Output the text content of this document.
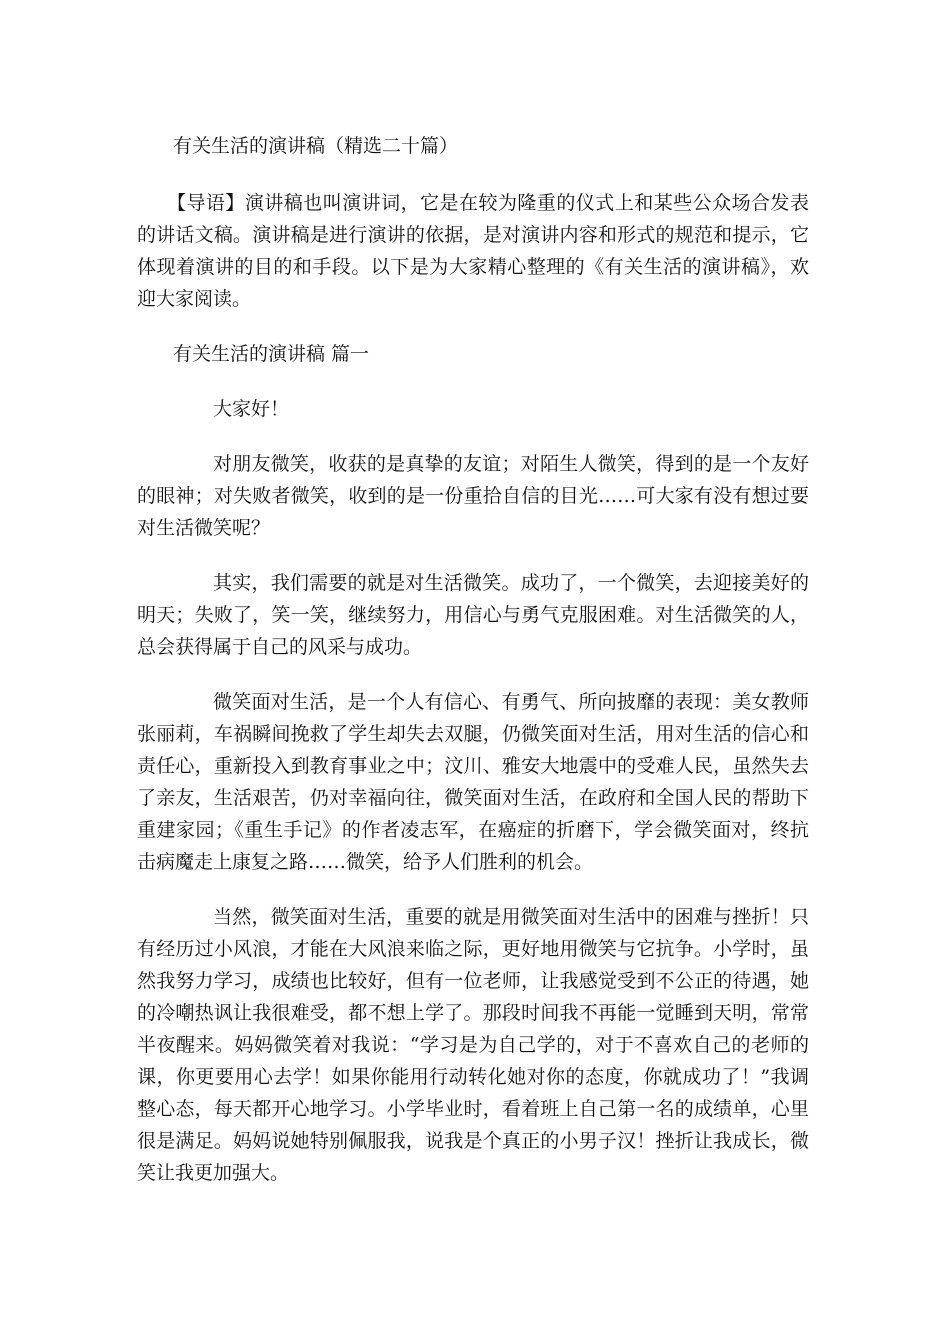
有关生活的演讲稿（精选二十篇）

【导语】演讲稿也叫演讲词，它是在较为隆重的仪式上和某些公众场合发表的讲话文稿。演讲稿是进行演讲的依据，是对演讲内容和形式的规范和提示，它体现着演讲的目的和手段。以下是为大家精心整理的《有关生活的演讲稿》，欢迎大家阅读。

有关生活的演讲稿 篇一

大家好！

对朋友微笑，收获的是真挚的友谊；对陌生人微笑，得到的是一个友好的眼神；对失败者微笑，收到的是一份重拾自信的目光……可大家有没有想过要对生活微笑呢？

其实，我们需要的就是对生活微笑。成功了，一个微笑，去迎接美好的明天；失败了，笑一笑，继续努力，用信心与勇气克服困难。对生活微笑的人，总会获得属于自己的风采与成功。

微笑面对生活，是一个人有信心、有勇气、所向披靡的表现：美女教师张丽莉，车祸瞬间挽救了学生却失去双腿，仍微笑面对生活，用对生活的信心和责任心，重新投入到教育事业之中；汶川、雅安大地震中的受难人民，虽然失去了亲友，生活艰苦，仍对幸福向往，微笑面对生活，在政府和全国人民的帮助下重建家园；《重生手记》的作者凌志军，在癌症的折磨下，学会微笑面对，终抗击病魔走上康复之路……微笑，给予人们胜利的机会。

当然，微笑面对生活，重要的就是用微笑面对生活中的困难与挫折！只有经历过小风浪，才能在大风浪来临之际，更好地用微笑与它抗争。小学时，虽然我努力学习，成绩也比较好，但有一位老师，让我感觉受到不公正的待遇，她的冷嘲热讽让我很难受，都不想上学了。那段时间我不再能一觉睡到天明，常常半夜醒来。妈妈微笑着对我说：“学习是为自己学的，对于不喜欢自己的老师的课，你更要用心去学！如果你能用行动转化她对你的态度，你就成功了！”我调整心态，每天都开心地学习。小学毕业时，看着班上自己第一名的成绩单，心里很是满足。妈妈说她特别佩服我，说我是个真正的小男子汉！挫折让我成长，微笑让我更加强大。
